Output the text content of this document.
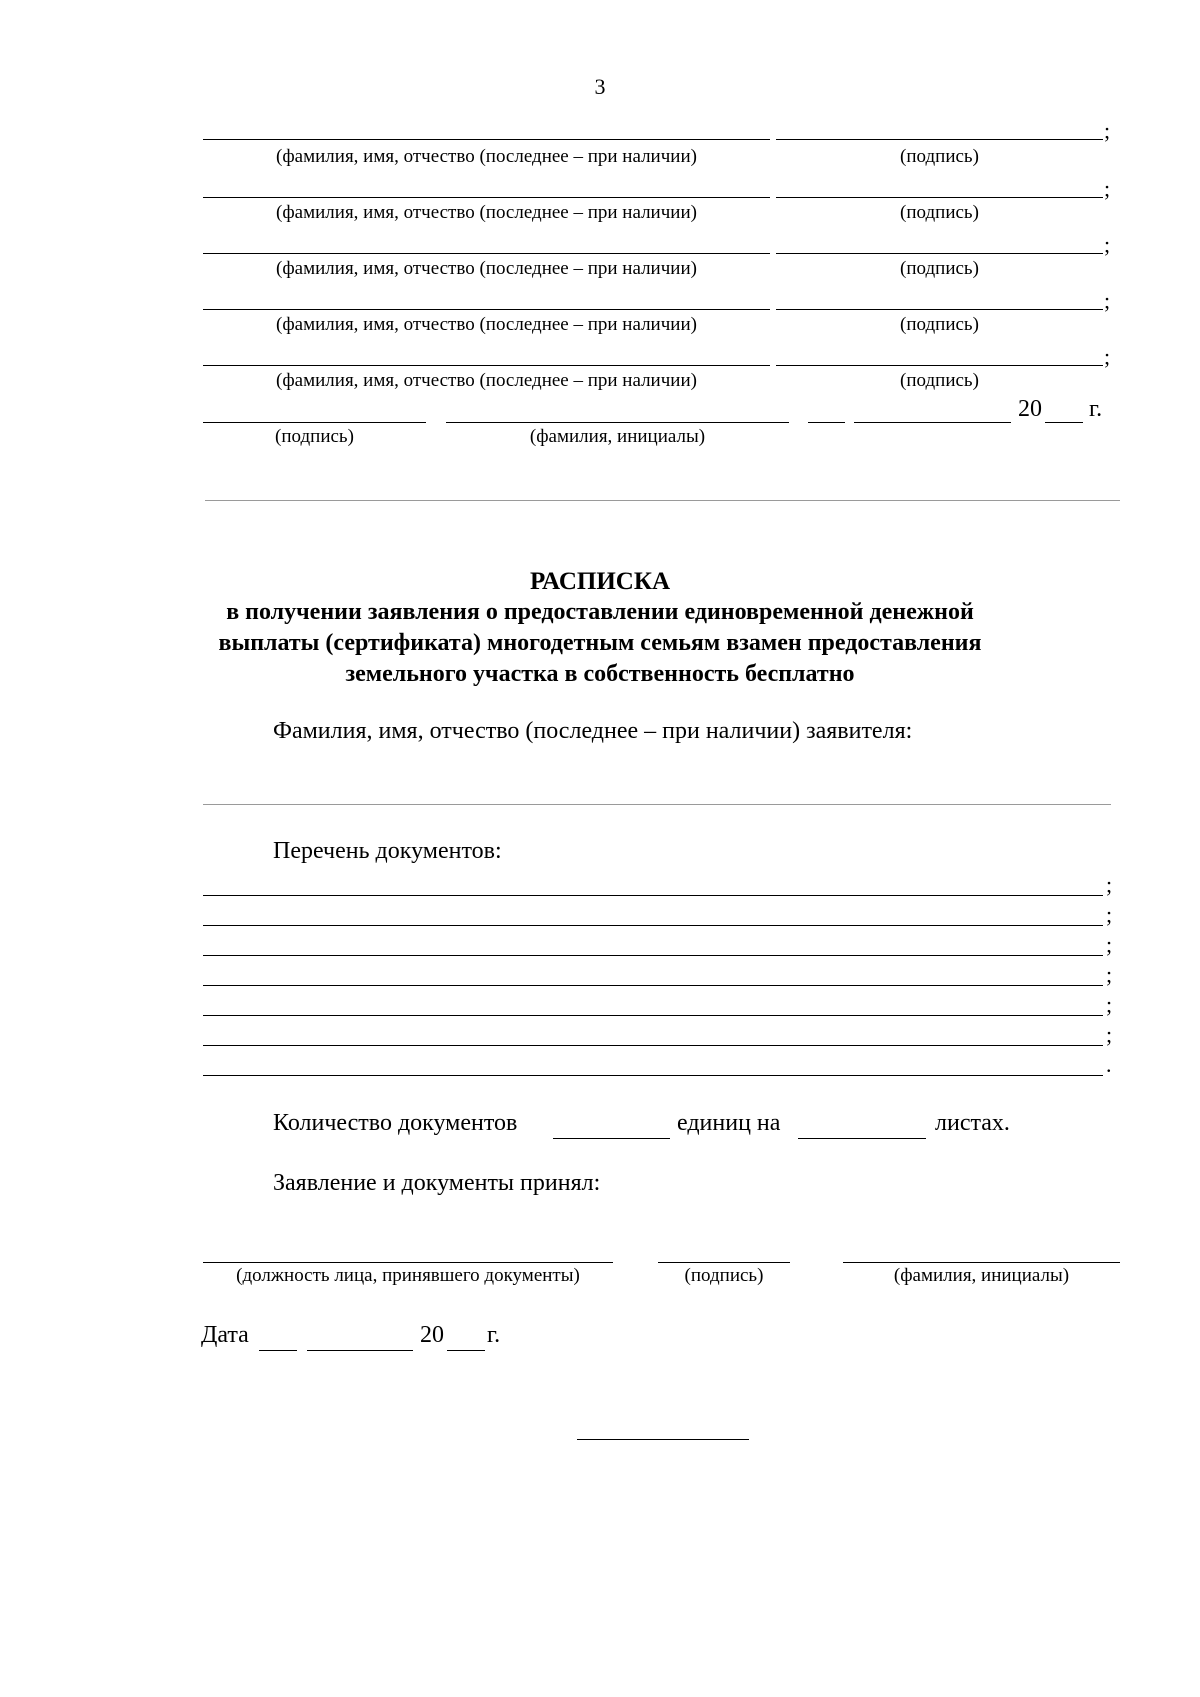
3
;
(фамилия, имя, отчество (последнее – при наличии)	(подпись)
;
(фамилия, имя, отчество (последнее – при наличии)	(подпись)
;
(фамилия, имя, отчество (последнее – при наличии)	(подпись)
;
(фамилия, имя, отчество (последнее – при наличии)	(подпись)
;
(фамилия, имя, отчество (последнее – при наличии)	(подпись)
20 г.
(подпись)	(фамилия, инициалы)
РАСПИСКА
в получении заявления о предоставлении единовременной денежной
выплаты (сертификата) многодетным семьям взамен предоставления
земельного участка в собственность бесплатно
Фамилия, имя, отчество (последнее – при наличии) заявителя:
Перечень документов:
;
;
;
;
;
;
.
Количество документов	единиц на	листах.
Заявление и документы принял:
(должность лица, принявшего документы)	(подпись)	(фамилия, инициалы)
Дата	20 г.
